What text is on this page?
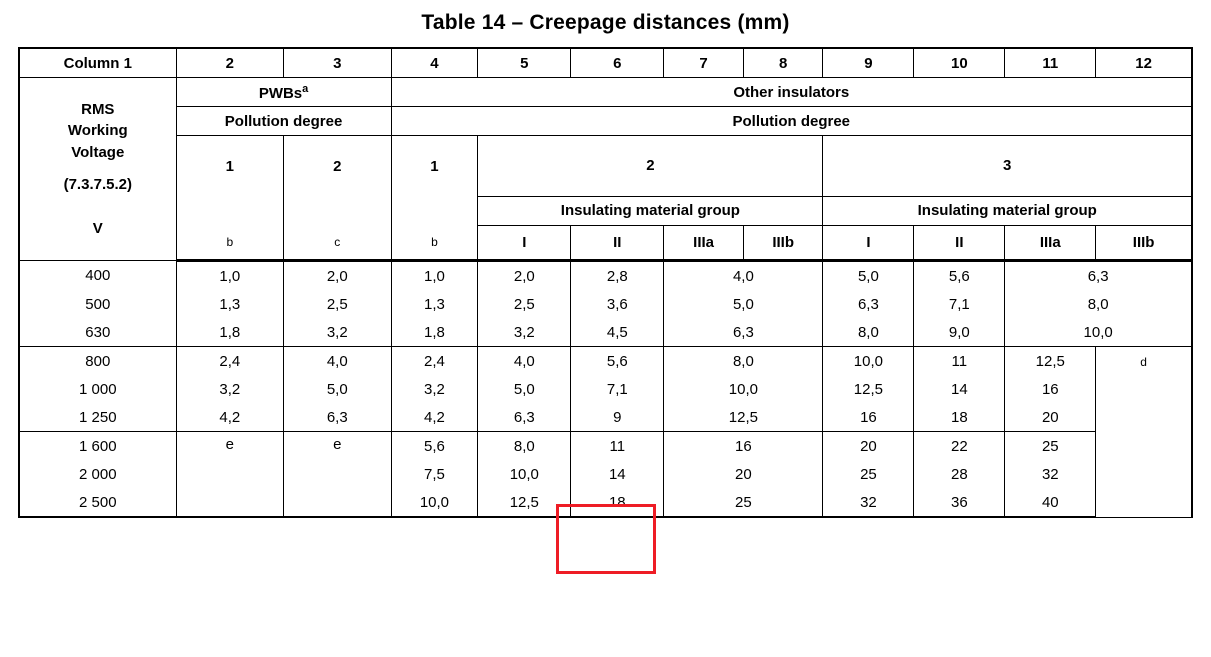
Table 14 – Creepage distances (mm)
Column 1	2	3	4	5	6	7	8	9	10	11	12

RMS
Working
Voltage
(7.3.7.5.2)
V	PWBs$^a$		Other insulators								
	Pollution degree		Pollution degree								
	1	2	1	2				3			
				Insulating material group				Insulating material group			
	b	c	b	I	II	IIIa	IIIb	I	II	IIIa	IIIb
400	1,0	2,0	1,0	2,0	2,8	4,0		5,0	5,6	6,3	
500	1,3	2,5	1,3	2,5	3,6	5,0		6,3	7,1	8,0	
630	1,8	3,2	1,8	3,2	4,5	6,3		8,0	9,0	10,0	
800	2,4	4,0	2,4	4,0	5,6	8,0		10,0	11	12,5	d
1 000	3,2	5,0	3,2	5,0	7,1	10,0		12,5	14	16	
1 250	4,2	6,3	4,2	6,3	9	12,5		16	18	20	
1 600	e	e	5,6	8,0	11	16		20	22	25	
2 000			7,5	10,0	14	20		25	28	32	
2 500			10,0	12,5	18	25		32	36	40	
